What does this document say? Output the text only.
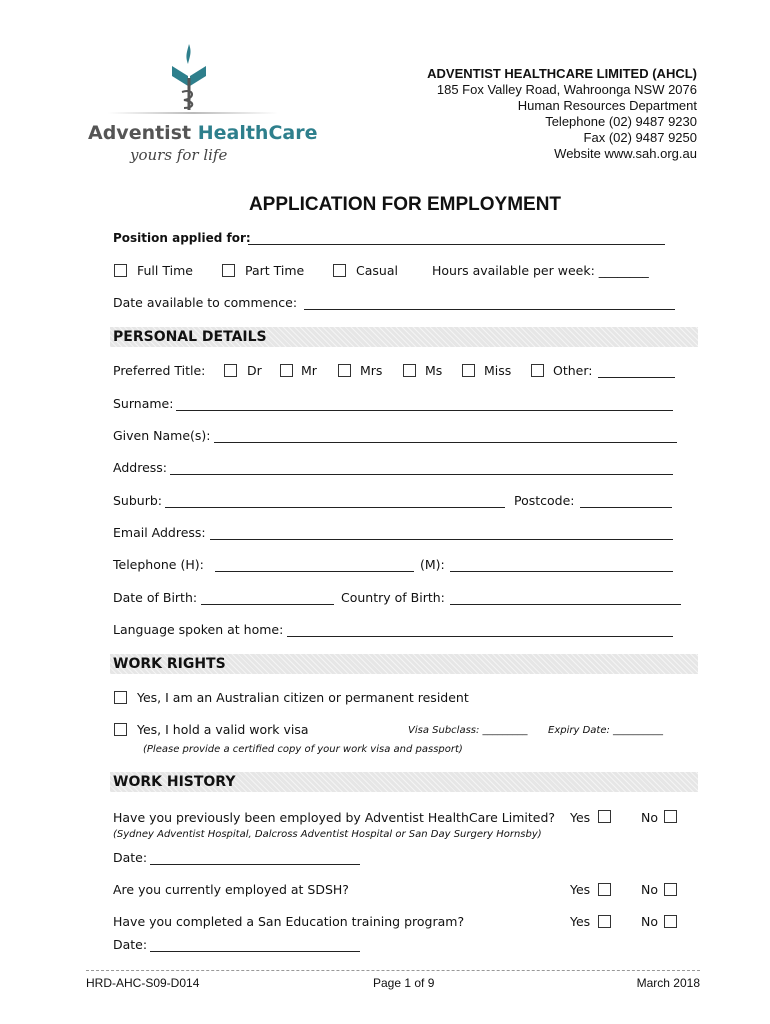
Adventist HealthCare
yours for life

ADVENTIST HEALTHCARE LIMITED (AHCL)

185 Fox Valley Road, Wahroonga NSW 2076

Human Resources Department

Telephone (02) 9487 9230

Fax (02) 9487 9250

Website www.sah.org.au

APPLICATION FOR EMPLOYMENT
Position applied for:
Full Time	Part Time	Casual	Hours available per week: ________
Date available to commence:
PERSONAL DETAILS
Preferred Title:	Dr	Mr	Mrs	Ms	Miss	Other:
Surname:
Given Name(s):
Address:
Suburb:	Postcode:
Email Address:
Telephone (H):	(M):
Date of Birth:	Country of Birth:
Language spoken at home:
WORK RIGHTS
Yes, I am an Australian citizen or permanent resident
Yes, I hold a valid work visa	Visa Subclass: _________ Expiry Date: __________
(Please provide a certified copy of your work visa and passport)
WORK HISTORY
Have you previously been employed by Adventist HealthCare Limited? Yes	No
(Sydney Adventist Hospital, Dalcross Adventist Hospital or San Day Surgery Hornsby)
Date:
Are you currently employed at SDSH?	Yes	No
Have you completed a San Education training program?	Yes	No
Date:
HRD-AHC-S09-D014	Page 1 of 9	March 2018
